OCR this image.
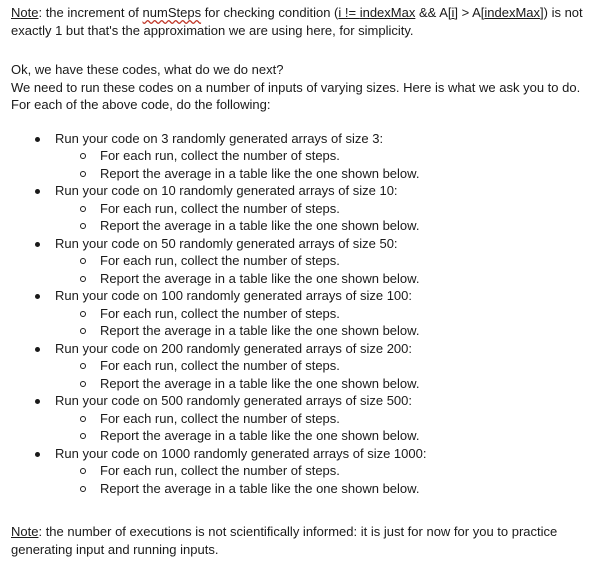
Note: the increment of numSteps for checking condition (i != indexMax && A[i] > A[indexMax]) is not exactly 1 but that's the approximation we are using here, for simplicity.

Ok, we have these codes, what do we do next?

We need to run these codes on a number of inputs of varying sizes. Here is what we ask you to do. For each of the above code, do the following:

Run your code on 3 randomly generated arrays of size 3:
For each run, collect the number of steps.
Report the average in a table like the one shown below.
Run your code on 10 randomly generated arrays of size 10:
For each run, collect the number of steps.
Report the average in a table like the one shown below.
Run your code on 50 randomly generated arrays of size 50:
For each run, collect the number of steps.
Report the average in a table like the one shown below.
Run your code on 100 randomly generated arrays of size 100:
For each run, collect the number of steps.
Report the average in a table like the one shown below.
Run your code on 200 randomly generated arrays of size 200:
For each run, collect the number of steps.
Report the average in a table like the one shown below.
Run your code on 500 randomly generated arrays of size 500:
For each run, collect the number of steps.
Report the average in a table like the one shown below.
Run your code on 1000 randomly generated arrays of size 1000:
For each run, collect the number of steps.
Report the average in a table like the one shown below.

Note: the number of executions is not scientifically informed: it is just for now for you to practice generating input and running inputs.
